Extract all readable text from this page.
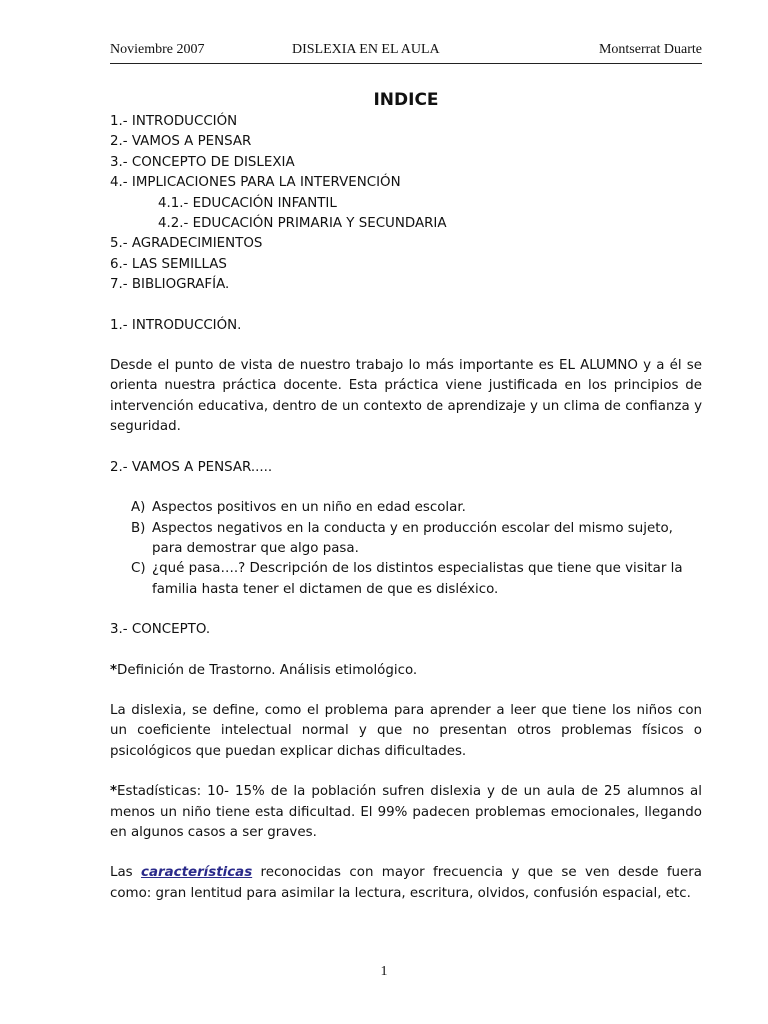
Noviembre 2007	DISLEXIA EN EL AULA	Montserrat Duarte
INDICE
1.- INTRODUCCIÓN
2.- VAMOS A PENSAR
3.- CONCEPTO DE DISLEXIA
4.- IMPLICACIONES PARA LA INTERVENCIÓN
4.1.- EDUCACIÓN INFANTIL
4.2.- EDUCACIÓN PRIMARIA Y SECUNDARIA
5.- AGRADECIMIENTOS
6.- LAS SEMILLAS
7.- BIBLIOGRAFÍA.
1.- INTRODUCCIÓN.

Desde el punto de vista de nuestro trabajo lo más importante es EL ALUMNO y a él se orienta nuestra práctica docente. Esta práctica viene justificada en los principios de intervención educativa, dentro de un contexto de aprendizaje y un clima de confianza y seguridad.

2.- VAMOS A PENSAR.....
A) Aspectos positivos en un niño en edad escolar.
B) Aspectos negativos en la conducta y en producción escolar del mismo sujeto, para demostrar que algo pasa.
C) ¿qué pasa….? Descripción de los distintos especialistas que tiene que visitar la familia hasta tener el dictamen de que es disléxico.
3.- CONCEPTO.

*Definición de Trastorno. Análisis etimológico.

La dislexia, se define, como el problema para aprender a leer que tiene los niños con un coeficiente intelectual normal y que no presentan otros problemas físicos o psicológicos que puedan explicar dichas dificultades.

*Estadísticas: 10- 15% de la población sufren dislexia y de un aula de 25 alumnos al menos un niño tiene esta dificultad. El 99% padecen problemas emocionales, llegando en algunos casos a ser graves.

Las características reconocidas con mayor frecuencia y que se ven desde fuera como: gran lentitud para asimilar la lectura, escritura, olvidos, confusión espacial, etc.

1
